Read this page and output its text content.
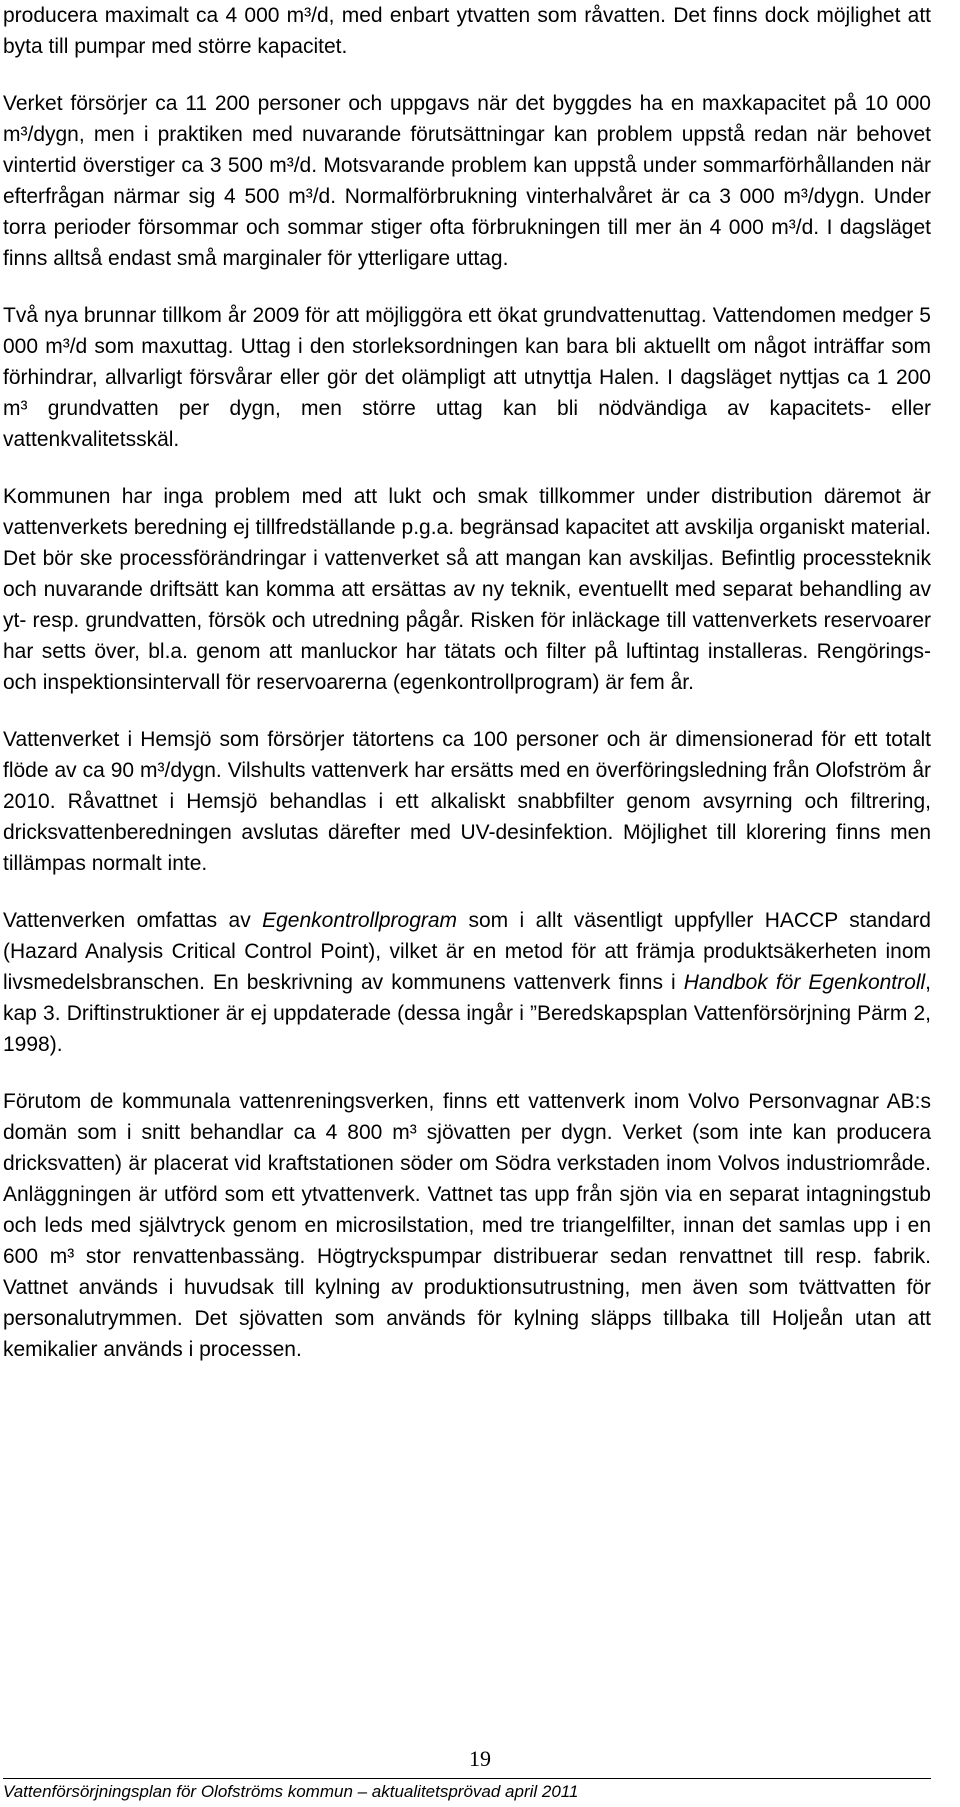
producera maximalt ca 4 000 m³/d, med enbart ytvatten som råvatten. Det finns dock möjlighet att byta till pumpar med större kapacitet.

Verket försörjer ca 11 200 personer och uppgavs när det byggdes ha en maxkapacitet på 10 000 m³/dygn, men i praktiken med nuvarande förutsättningar kan problem uppstå redan när behovet vintertid överstiger ca 3 500 m³/d. Motsvarande problem kan uppstå under sommarförhållanden när efterfrågan närmar sig 4 500 m³/d. Normalförbrukning vinterhalvåret är ca 3 000 m³/dygn. Under torra perioder försommar och sommar stiger ofta förbrukningen till mer än 4 000 m³/d. I dagsläget finns alltså endast små marginaler för ytterligare uttag.

Två nya brunnar tillkom år 2009 för att möjliggöra ett ökat grundvattenuttag. Vattendomen medger 5 000 m³/d som maxuttag. Uttag i den storleksordningen kan bara bli aktuellt om något inträffar som förhindrar, allvarligt försvårar eller gör det olämpligt att utnyttja Halen. I dagsläget nyttjas ca 1 200 m³ grundvatten per dygn, men större uttag kan bli nödvändiga av kapacitets- eller vattenkvalitetsskäl.

Kommunen har inga problem med att lukt och smak tillkommer under distribution däremot är vattenverkets beredning ej tillfredställande p.g.a. begränsad kapacitet att avskilja organiskt material. Det bör ske processförändringar i vattenverket så att mangan kan avskiljas. Befintlig processteknik och nuvarande driftsätt kan komma att ersättas av ny teknik, eventuellt med separat behandling av yt- resp. grundvatten, försök och utredning pågår. Risken för inläckage till vattenverkets reservoarer har setts över, bl.a. genom att manluckor har tätats och filter på luftintag installeras. Rengörings- och inspektionsintervall för reservoarerna (egenkontrollprogram) är fem år.

Vattenverket i Hemsjö som försörjer tätortens ca 100 personer och är dimensionerad för ett totalt flöde av ca 90 m³/dygn. Vilshults vattenverk har ersätts med en överföringsledning från Olofström år 2010. Råvattnet i Hemsjö behandlas i ett alkaliskt snabbfilter genom avsyrning och filtrering, dricksvattenberedningen avslutas därefter med UV-desinfektion. Möjlighet till klorering finns men tillämpas normalt inte.

Vattenverken omfattas av Egenkontrollprogram som i allt väsentligt uppfyller HACCP standard (Hazard Analysis Critical Control Point), vilket är en metod för att främja produktsäkerheten inom livsmedelsbranschen. En beskrivning av kommunens vattenverk finns i Handbok för Egenkontroll, kap 3. Driftinstruktioner är ej uppdaterade (dessa ingår i ”Beredskapsplan Vattenförsörjning Pärm 2, 1998).

Förutom de kommunala vattenreningsverken, finns ett vattenverk inom Volvo Personvagnar AB:s domän som i snitt behandlar ca 4 800 m³ sjövatten per dygn. Verket (som inte kan producera dricksvatten) är placerat vid kraftstationen söder om Södra verkstaden inom Volvos industriområde. Anläggningen är utförd som ett ytvattenverk. Vattnet tas upp från sjön via en separat intagningstub och leds med självtryck genom en microsilstation, med tre triangelfilter, innan det samlas upp i en 600 m³ stor renvattenbassäng. Högtryckspumpar distribuerar sedan renvattnet till resp. fabrik. Vattnet används i huvudsak till kylning av produktionsutrustning, men även som tvättvatten för personalutrymmen. Det sjövatten som används för kylning släpps tillbaka till Holjeån utan att kemikalier används i processen.

19
Vattenförsörjningsplan för Olofströms kommun – aktualitetsprövad april 2011
